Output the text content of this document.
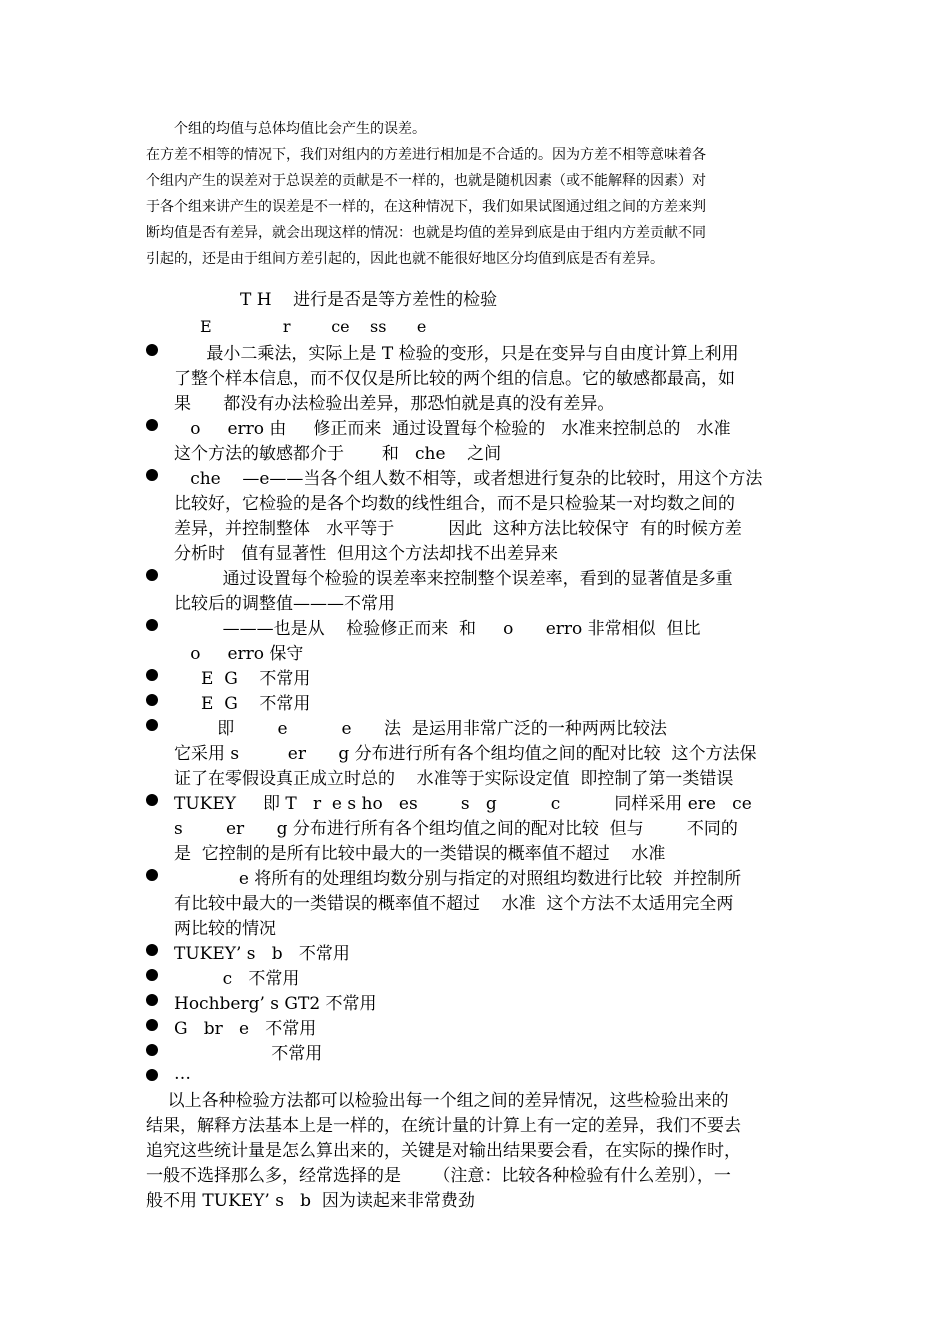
个组的均值与总体均值比会产生的误差。
在方差不相等的情况下，我们对组内的方差进行相加是不合适的。因为方差不相等意味着各
个组内产生的误差对于总误差的贡献是不一样的，也就是随机因素（或不能解释的因素）对
于各个组来讲产生的误差是不一样的，在这种情况下，我们如果试图通过组之间的方差来判
断均值是否有差异，就会出现这样的情况：也就是均值的差异到底是由于组内方差贡献不同
引起的，还是由于组间方差引起的，因此也就不能很好地区分均值到底是否有差异。
T H    进行是否是等方差性的检验
E              r        ce    ss      e
最小二乘法，实际上是 T 检验的变形，只是在变异与自由度计算上利用
了整个样本信息，而不仅仅是所比较的两个组的信息。它的敏感都最高，如
果      都没有办法检验出差异，那恐怕就是真的没有差异。
o     erro 由     修正而来  通过设置每个检验的   水准来控制总的   水准
这个方法的敏感都介于       和   che    之间
che    —e——当各个组人数不相等，或者想进行复杂的比较时，用这个方法
比较好，它检验的是各个均数的线性组合，而不是只检验某一对均数之间的
差异，并控制整体   水平等于          因此  这种方法比较保守  有的时候方差
分析时   值有显著性  但用这个方法却找不出差异来
通过设置每个检验的误差率来控制整个误差率，看到的显著值是多重
比较后的调整值———不常用
———也是从    检验修正而来  和     o      erro 非常相似  但比
o     erro 保守
E  G    不常用
E  G    不常用
即        e          e      法  是运用非常广泛的一种两两比较法
它采用 s         er      g 分布进行所有各个组均值之间的配对比较  这个方法保
证了在零假设真正成立时总的    水准等于实际设定值  即控制了第一类错误
TUKEY     即 T   r  e s ho   es        s   g          c          同样采用 ere   ce
s        er      g 分布进行所有各个组均值之间的配对比较  但与        不同的
是  它控制的是所有比较中最大的一类错误的概率值不超过    水准
e 将所有的处理组均数分别与指定的对照组均数进行比较  并控制所
有比较中最大的一类错误的概率值不超过    水准  这个方法不太适用完全两
两比较的情况
TUKEY’ s   b   不常用
c   不常用
Hochberg’ s GT2 不常用
G   br   e   不常用
不常用
…
以上各种检验方法都可以检验出每一个组之间的差异情况，这些检验出来的
结果，解释方法基本上是一样的，在统计量的计算上有一定的差异，我们不要去
追究这些统计量是怎么算出来的，关键是对输出结果要会看，在实际的操作时，
一般不选择那么多，经常选择的是      （注意：比较各种检验有什么差别），一
般不用 TUKEY’ s   b  因为读起来非常费劲
